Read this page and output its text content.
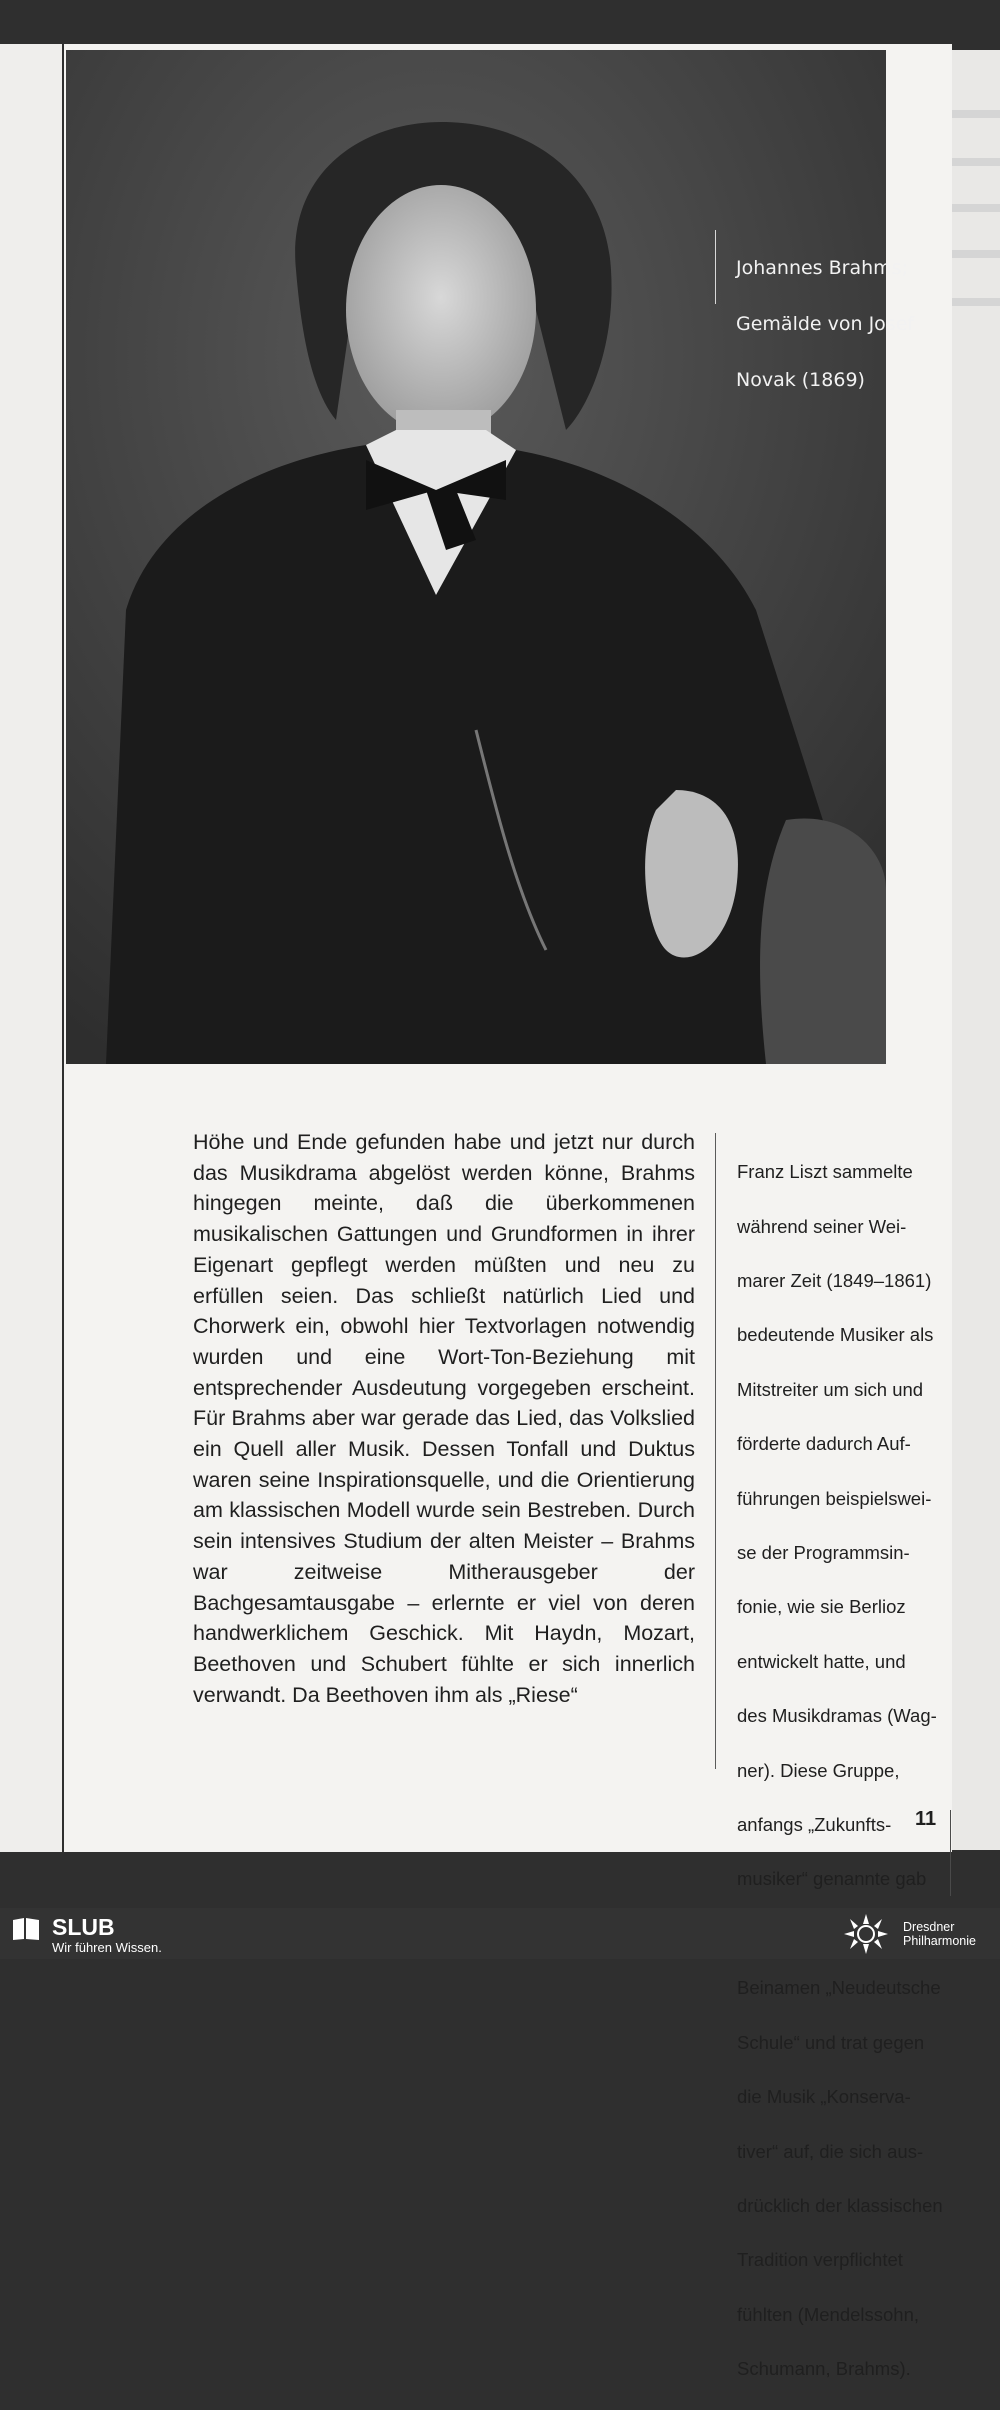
Johannes Brahms;

Gemälde von Josef

Novak (1869)

Höhe und Ende gefunden habe und jetzt nur durch das Musikdrama abgelöst werden könne, Brahms hingegen meinte, daß die überkommenen musikalischen Gattungen und Grundformen in ihrer Eigenart gepflegt werden müßten und neu zu erfüllen seien. Das schließt natürlich Lied und Chorwerk ein, obwohl hier Textvorlagen notwendig wurden und eine Wort-Ton-Beziehung mit entsprechender Ausdeutung vorgegeben erscheint. Für Brahms aber war gerade das Lied, das Volkslied ein Quell aller Musik. Dessen Tonfall und Duktus waren seine Inspirationsquelle, und die Orientierung am klassischen Modell wurde sein Bestreben. Durch sein intensives Studium der alten Meister – Brahms war zeitweise Mitherausgeber der Bachgesamtausgabe – erlernte er viel von deren handwerklichem Geschick. Mit Haydn, Mozart, Beethoven und Schubert fühlte er sich innerlich verwandt. Da Beethoven ihm als „Riese“

Franz Liszt sammelte

während seiner Wei-

marer Zeit (1849–1861)

bedeutende Musiker als

Mitstreiter um sich und

förderte dadurch Auf-

führungen beispielswei-

se der Programmsin-

fonie, wie sie Berlioz

entwickelt hatte, und

des Musikdramas (Wag-

ner). Diese Gruppe,

anfangs „Zukunfts-

musiker“ genannte gab

Beinamen „Neudeutsche

Schule“ und trat gegen

die Musik „Konserva-

tiver“ auf, die sich aus-

drücklich der klassischen

Tradition verpflichtet

fühlten (Mendelssohn,

Schumann, Brahms).

11
SLUB
Wir führen Wissen.
Dresdner
Philharmonie
